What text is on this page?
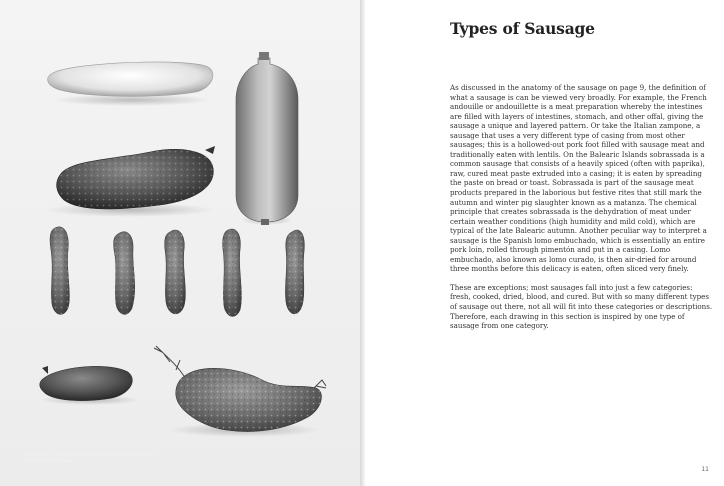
A selection of sausages (from a supermarket and a local farm) in Catalonia. Photo-collage
Types of Sausage

As discussed in the anatomy of the sausage on page 9, the definition of what a sausage is can be viewed very broadly. For example, the French andouille or andouillette is a meat preparation whereby the intestines are filled with layers of intestines, stomach, and other offal, giving the sausage a unique and layered pattern. Or take the Italian zampone, a sausage that uses a very different type of casing from most other sausages; this is a hollowed-out pork foot filled with sausage meat and traditionally eaten with lentils. On the Balearic Islands sobrassada is a common sausage that consists of a heavily spiced (often with paprika), raw, cured meat paste extruded into a casing; it is eaten by spreading the paste on bread or toast. Sobrassada is part of the sausage meat products prepared in the laborious but festive rites that still mark the autumn and winter pig slaughter known as a matanza. The chemical principle that creates sobrassada is the dehydration of meat under certain weather conditions (high humidity and mild cold), which are typical of the late Balearic autumn. Another peculiar way to interpret a sausage is the Spanish lomo embuchado, which is essentially an entire pork loin, rolled through pimentón and put in a casing. Lomo embuchado, also known as lomo curado, is then air-dried for around three months before this delicacy is eaten, often sliced very finely.

These are exceptions; most sausages fall into just a few categories: fresh, cooked, dried, blood, and cured. But with so many different types of sausage out there, not all will fit into these categories or descriptions. Therefore, each drawing in this section is inspired by one type of sausage from one category.

11
